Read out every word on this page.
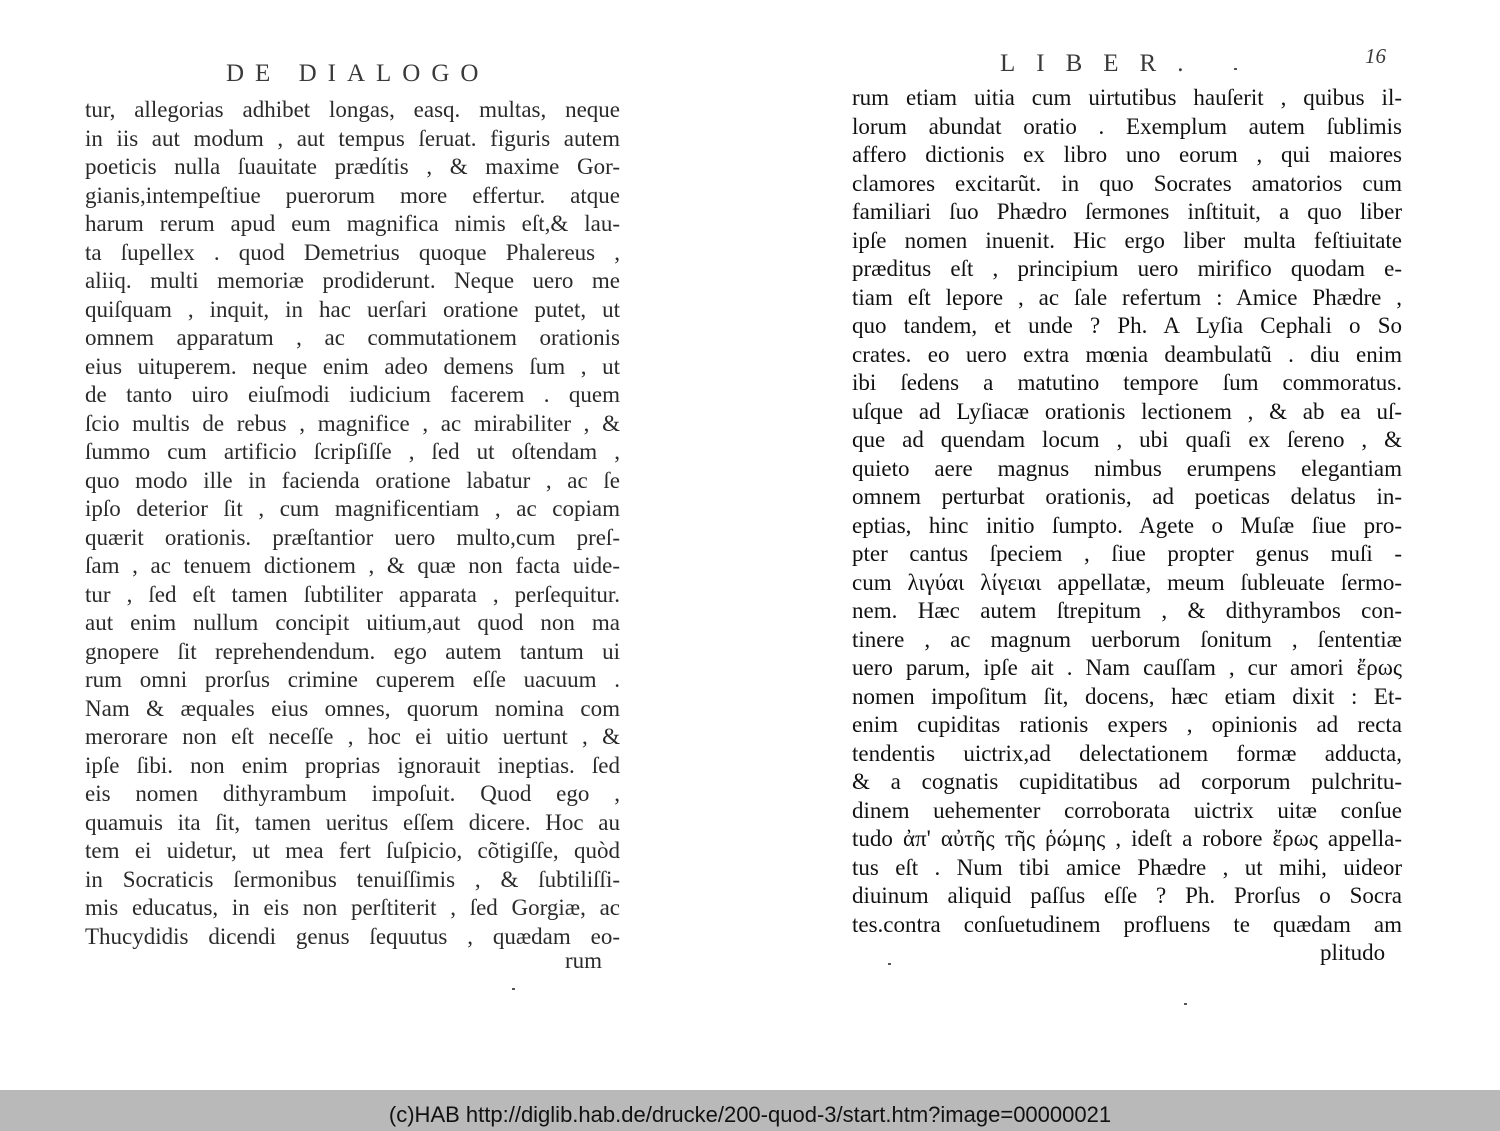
DE DIALOGO
tur, allegorias adhibet longas, easq. multas, neque
in iis aut modum , aut tempus ſeruat. figuris autem
poeticis nulla ſuauitate prædítis , & maxime Gor-
gianis,intempeſtiue puerorum more effertur. atque
harum rerum apud eum magnifica nimis eſt,& lau-
ta ſupellex . quod Demetrius quoque Phalereus ,
aliiq. multi memoriæ prodiderunt. Neque uero me
quiſquam , inquit, in hac uerſari oratione putet, ut
omnem apparatum , ac commutationem orationis
eius uituperem. neque enim adeo demens ſum , ut
de tanto uiro eiuſmodi iudicium facerem . quem
ſcio multis de rebus , magnifice , ac mirabiliter , &
ſummo cum artificio ſcripſiſſe , ſed ut oſtendam ,
quo modo ille in facienda oratione labatur , ac ſe
ipſo deterior ſit , cum magnificentiam , ac copiam
quærit orationis. præſtantior uero multo,cum preſ-
ſam , ac tenuem dictionem , & quæ non facta uide-
tur , ſed eſt tamen ſubtiliter apparata , perſequitur.
aut enim nullum concipit uitium,aut quod non ma
gnopere ſit reprehendendum. ego autem tantum ui
rum omni prorſus crimine cuperem eſſe uacuum .
Nam & æquales eius omnes, quorum nomina com
merorare non eſt neceſſe , hoc ei uitio uertunt , &
ipſe ſibi. non enim proprias ignorauit ineptias. ſed
eis nomen dithyrambum impoſuit. Quod ego ,
quamuis ita ſit, tamen ueritus eſſem dicere. Hoc au
tem ei uidetur, ut mea fert ſuſpicio, cõtigiſſe, quòd
in Socraticis ſermonibus tenuiſſimis , & ſubtiliſſi-
mis educatus, in eis non perſtiterit , ſed Gorgiæ, ac
Thucydidis dicendi genus ſequutus , quædam eo-
rum
LIBER.	16
rum etiam uitia cum uirtutibus hauſerit , quibus il-
lorum abundat oratio . Exemplum autem ſublimis
affero dictionis ex libro uno eorum , qui maiores
clamores excitarũt. in quo Socrates amatorios cum
familiari ſuo Phædro ſermones inſtituit, a quo liber
ipſe nomen inuenit. Hic ergo liber multa feſtiuitate
præditus eſt , principium uero mirifico quodam e-
tiam eſt lepore , ac ſale refertum : Amice Phædre ,
quo tandem, et unde ? Ph. A Lyſia Cephali o So
crates. eo uero extra mœnia deambulatũ . diu enim
ibi ſedens a matutino tempore ſum commoratus.
uſque ad Lyſiacæ orationis lectionem , & ab ea uſ-
que ad quendam locum , ubi quaſi ex ſereno , &
quieto aere magnus nimbus erumpens elegantiam
omnem perturbat orationis, ad poeticas delatus in-
eptias, hinc initio ſumpto. Agete o Muſæ ſiue pro-
pter cantus ſpeciem , ſiue propter genus muſi -
cum λιγύαι λίγειαι appellatæ, meum ſubleuate ſermo-
nem. Hæc autem ſtrepitum , & dithyrambos con-
tinere , ac magnum uerborum ſonitum , ſententiæ
uero parum, ipſe ait . Nam cauſſam , cur amori ἔρως
nomen impoſitum ſit, docens, hæc etiam dixit : Et-
enim cupiditas rationis expers , opinionis ad recta
tendentis uictrix,ad delectationem formæ adducta,
& a cognatis cupiditatibus ad corporum pulchritu-
dinem uehementer corroborata uictrix uitæ conſue
tudo ἀπ' αὐτῆς τῆς ῥώμης , ideſt a robore ἔρως appella-
tus eſt . Num tibi amice Phædre , ut mihi, uideor
diuinum aliquid paſſus eſſe ? Ph. Prorſus o Socra
tes.contra conſuetudinem profluens te quædam am
plitudo
(c)HAB http://diglib.hab.de/drucke/200-quod-3/start.htm?image=00000021
